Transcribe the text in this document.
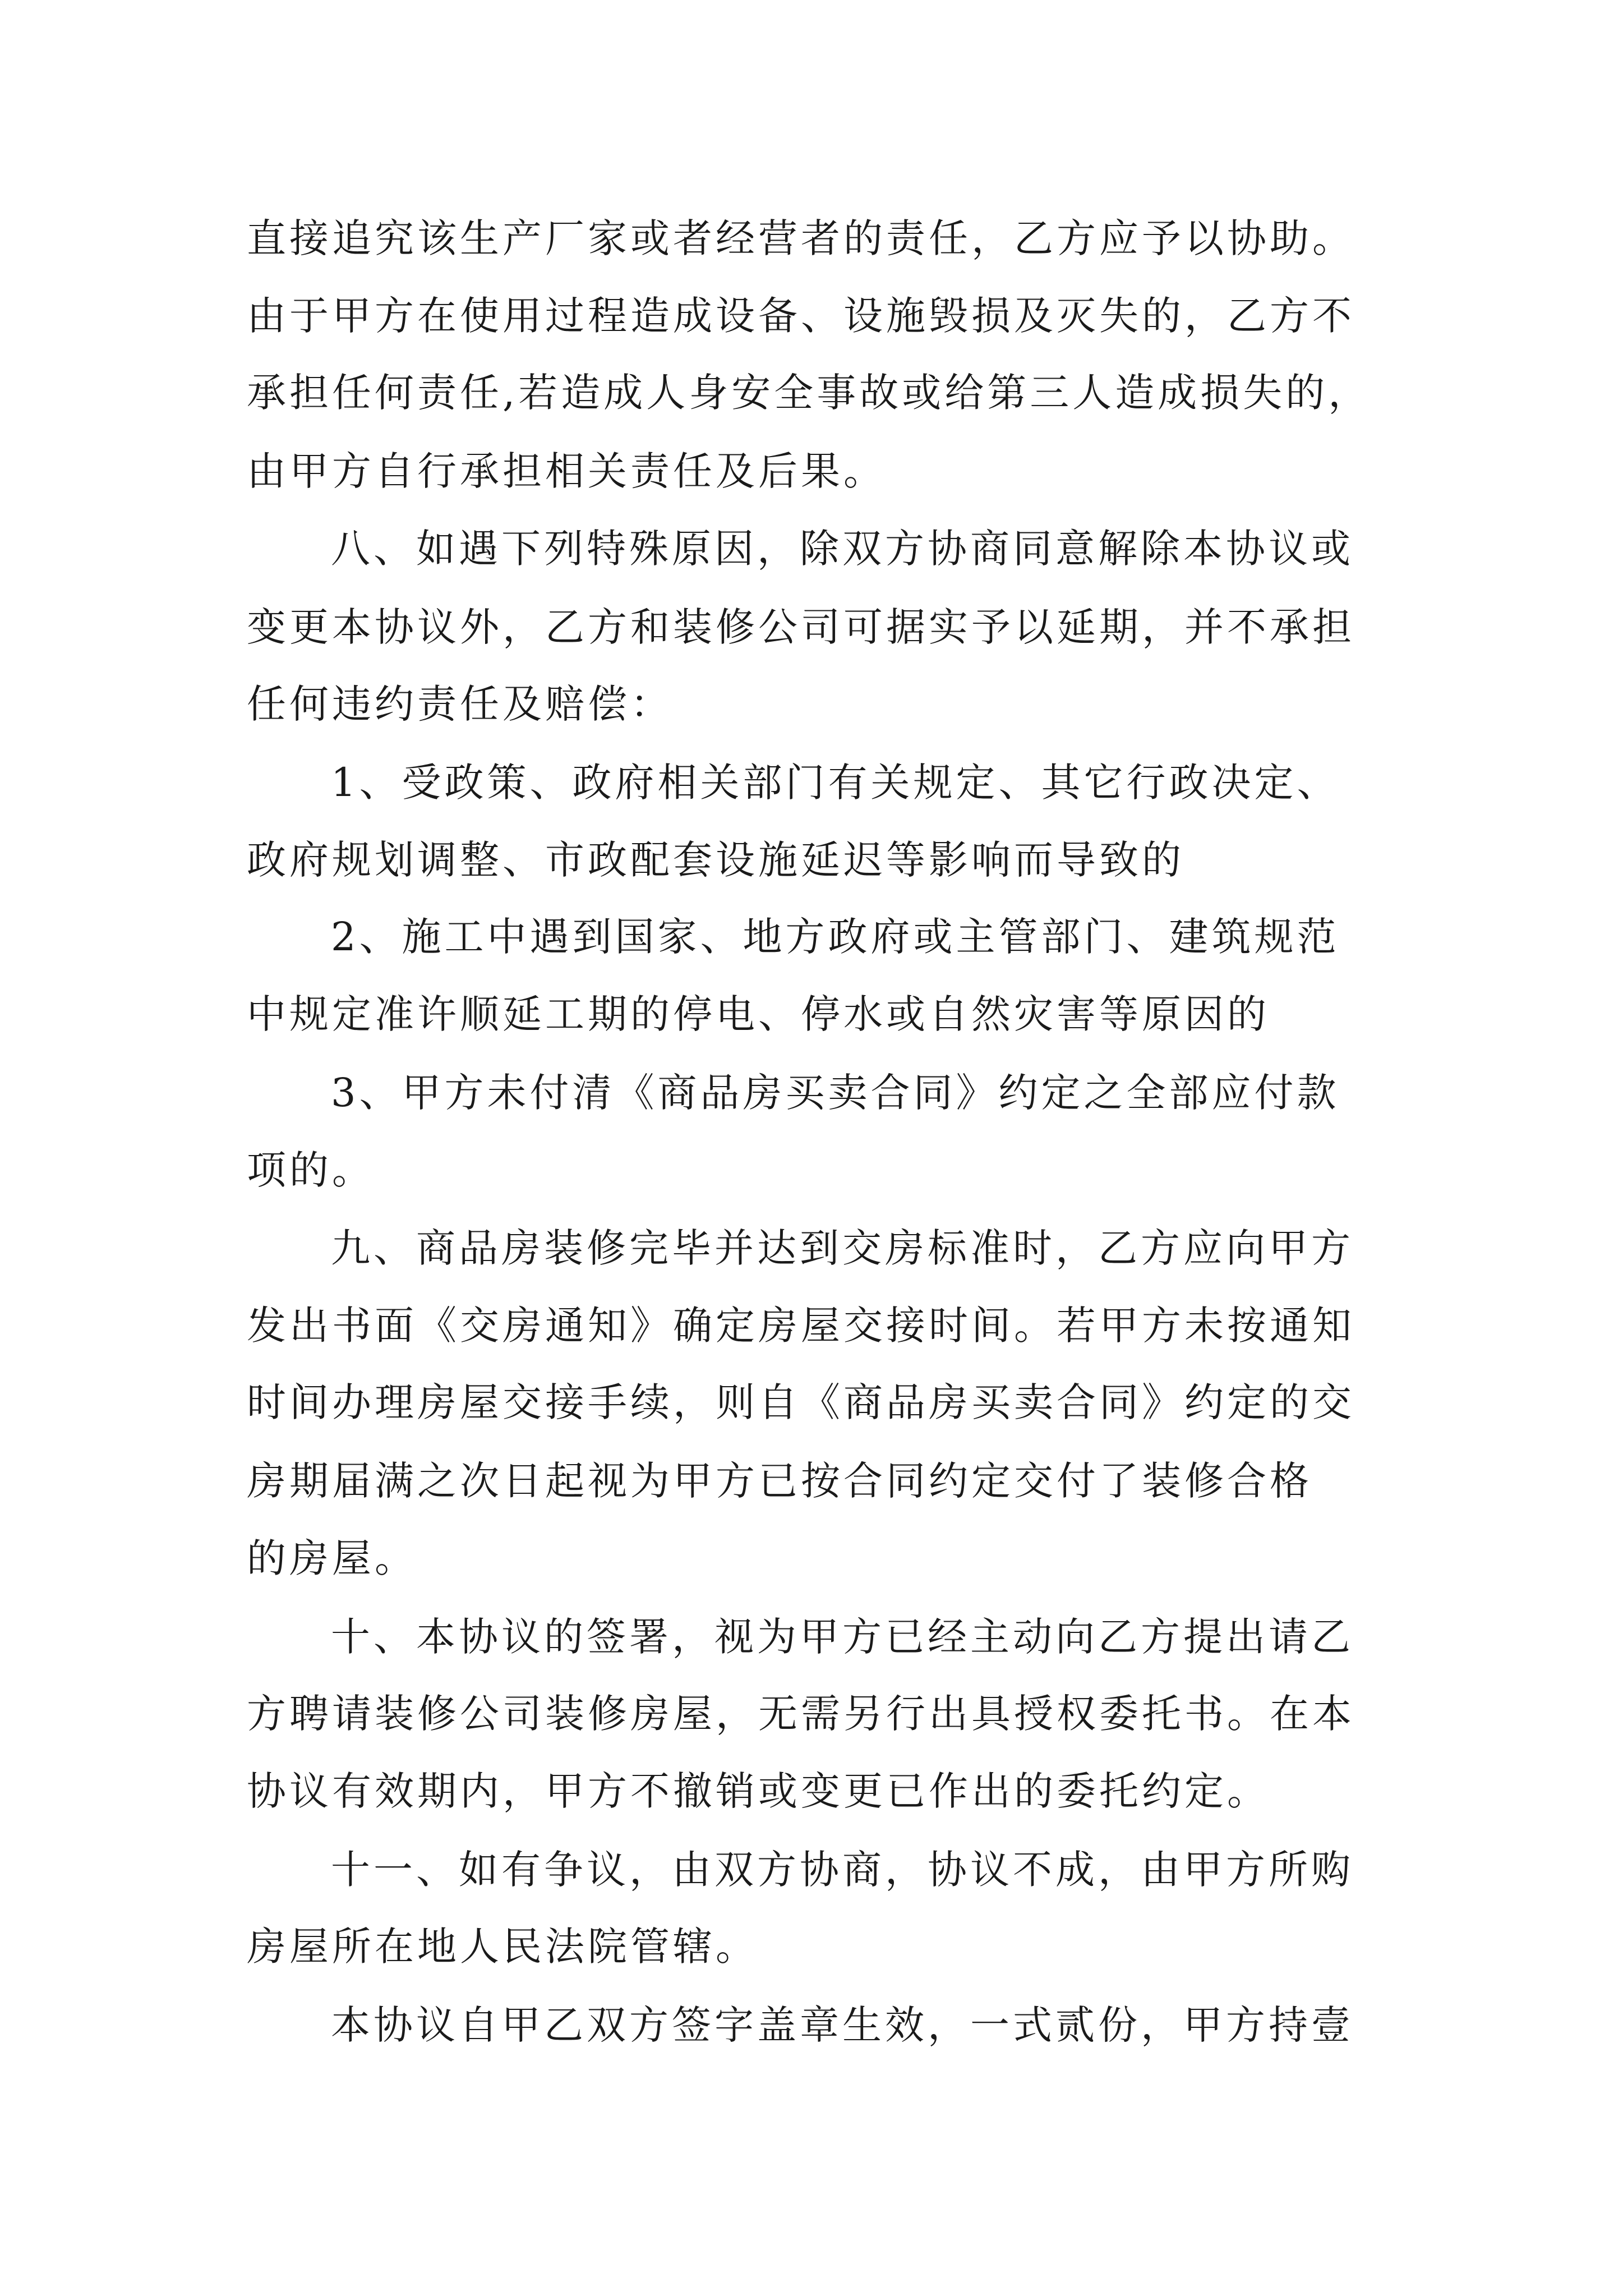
直接追究该生产厂家或者经营者的责任，乙方应予以协助。
由于甲方在使用过程造成设备、设施毁损及灭失的，乙方不
承担任何责任,若造成人身安全事故或给第三人造成损失的，
由甲方自行承担相关责任及后果。
八、如遇下列特殊原因，除双方协商同意解除本协议或
变更本协议外，乙方和装修公司可据实予以延期，并不承担
任何违约责任及赔偿：
1、受政策、政府相关部门有关规定、其它行政决定、
政府规划调整、市政配套设施延迟等影响而导致的
2、施工中遇到国家、地方政府或主管部门、建筑规范
中规定准许顺延工期的停电、停水或自然灾害等原因的
3、甲方未付清《商品房买卖合同》约定之全部应付款
项的。
九、商品房装修完毕并达到交房标准时，乙方应向甲方
发出书面《交房通知》确定房屋交接时间。若甲方未按通知
时间办理房屋交接手续，则自《商品房买卖合同》约定的交
房期届满之次日起视为甲方已按合同约定交付了装修合格
的房屋。
十、本协议的签署，视为甲方已经主动向乙方提出请乙
方聘请装修公司装修房屋，无需另行出具授权委托书。在本
协议有效期内，甲方不撤销或变更已作出的委托约定。
十一、如有争议，由双方协商，协议不成，由甲方所购
房屋所在地人民法院管辖。
本协议自甲乙双方签字盖章生效，一式贰份，甲方持壹
